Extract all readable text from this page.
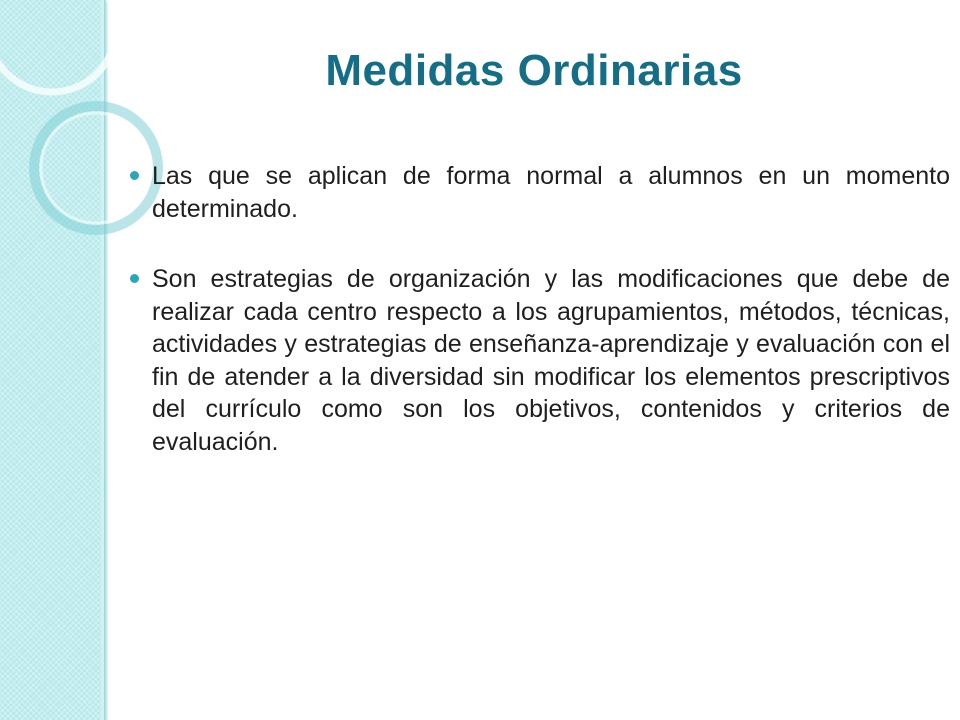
Medidas Ordinarias
Las que se aplican de forma normal a alumnos en un momento determinado.
Son estrategias de organización y las modificaciones que debe de realizar cada centro respecto a los agrupamientos, métodos, técnicas, actividades y estrategias de enseñanza-aprendizaje y evaluación con el fin de atender a la diversidad sin modificar los elementos prescriptivos del currículo como son los objetivos, contenidos y criterios de evaluación.
